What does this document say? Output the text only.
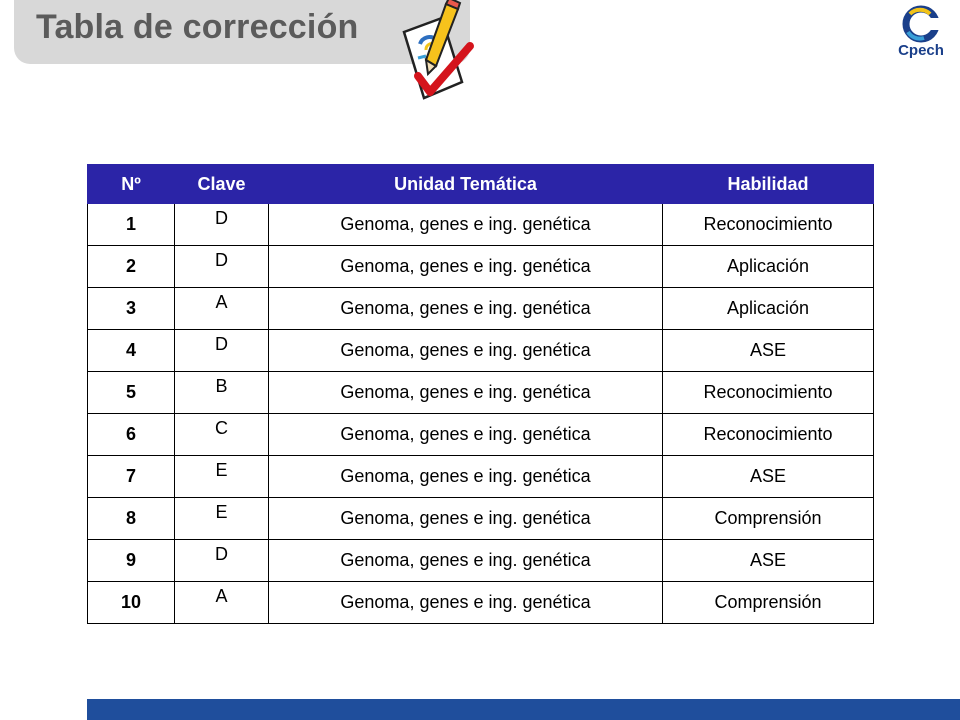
Tabla de corrección
Cpech
Nº	Clave	Unidad Temática	Habilidad
1	D	Genoma, genes e ing. genética	Reconocimiento
2	D	Genoma, genes e ing. genética	Aplicación
3	A	Genoma, genes e ing. genética	Aplicación
4	D	Genoma, genes e ing. genética	ASE
5	B	Genoma, genes e ing. genética	Reconocimiento
6	C	Genoma, genes e ing. genética	Reconocimiento
7	E	Genoma, genes e ing. genética	ASE
8	E	Genoma, genes e ing. genética	Comprensión
9	D	Genoma, genes e ing. genética	ASE
10	A	Genoma, genes e ing. genética	Comprensión
